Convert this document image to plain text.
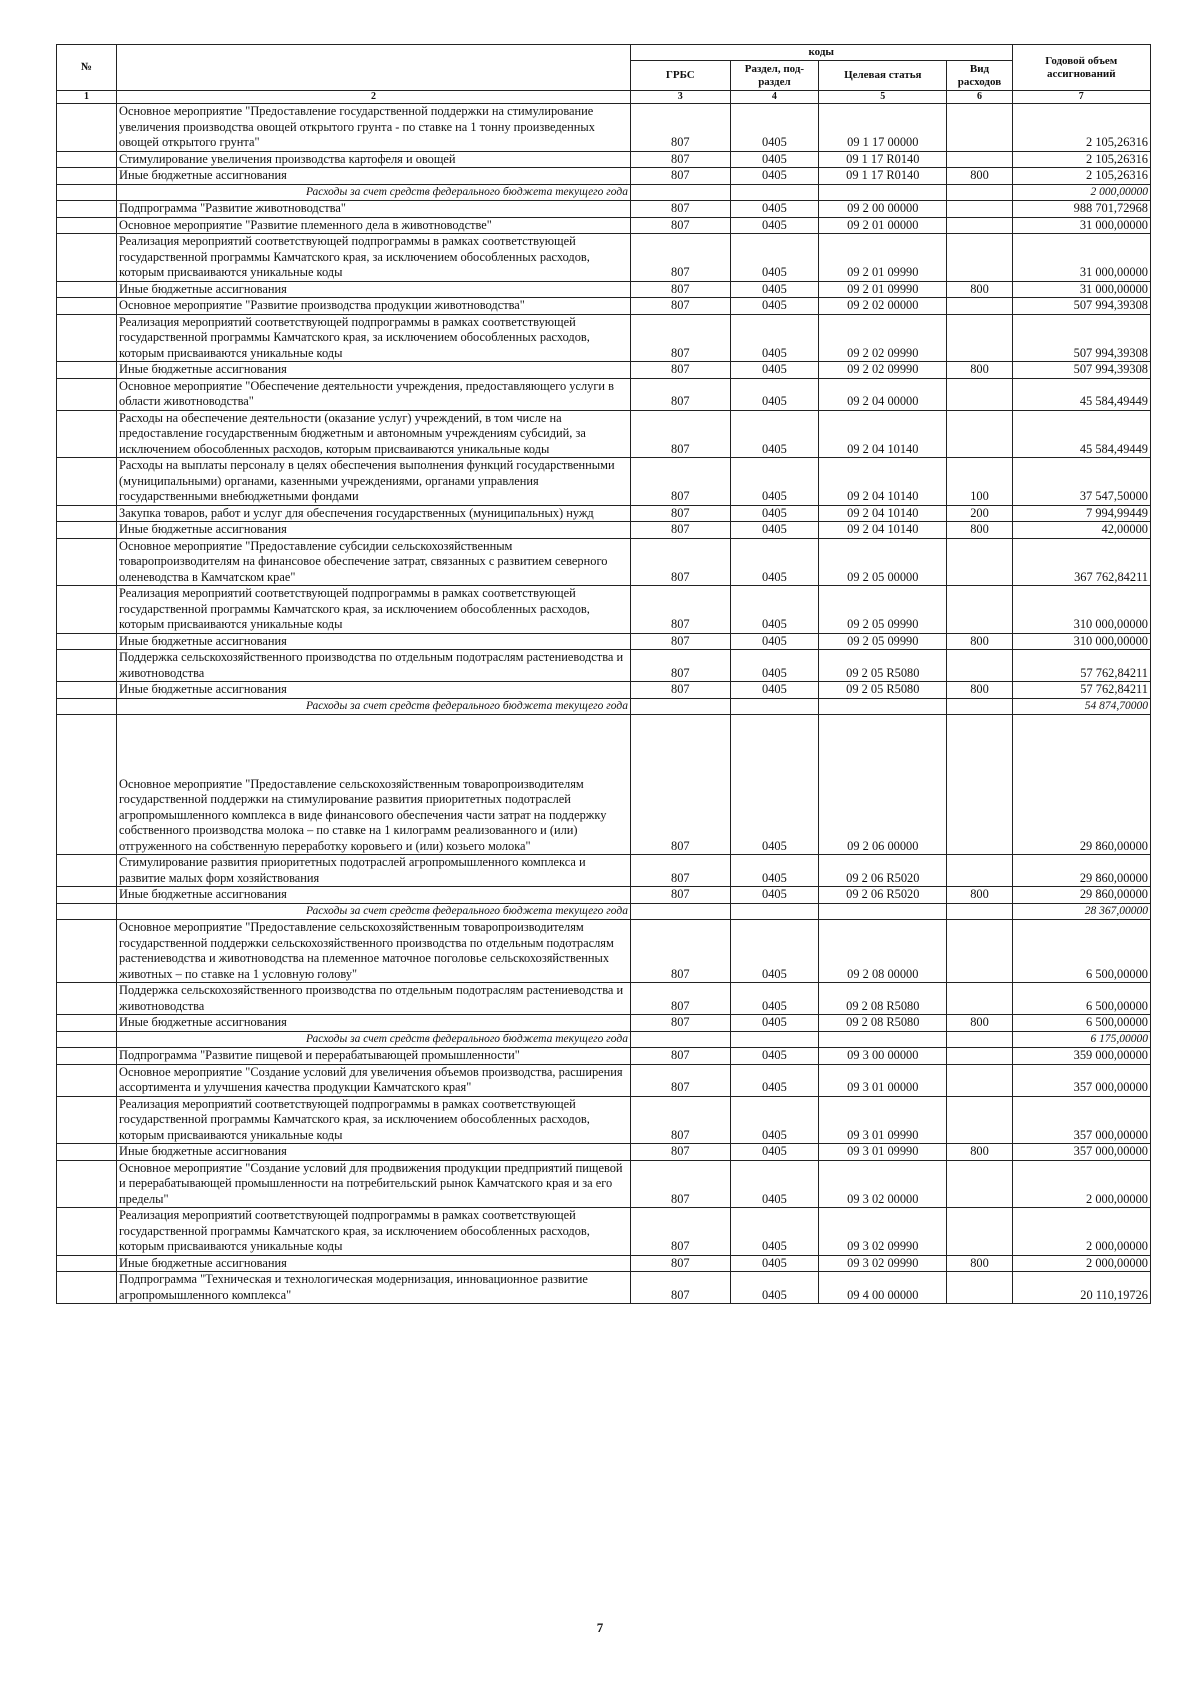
№		коды				Годовой объем ассигнований
		ГРБС	Раздел, под-раздел	Целевая статья	Вид расходов	
1	2	3	4	5	6	7
	Основное мероприятие "Предоставление государственной поддержки на стимулирование увеличения производства овощей открытого грунта - по ставке на 1 тонну произведенных овощей открытого грунта"	807	0405	09 1 17 00000		2 105,26316
	Стимулирование увеличения производства картофеля и овощей	807	0405	09 1 17 R0140		2 105,26316
	Иные бюджетные ассигнования	807	0405	09 1 17 R0140	800	2 105,26316
	Расходы за счет средств федерального бюджета текущего года					2 000,00000
	Подпрограмма "Развитие животноводства"	807	0405	09 2 00 00000		988 701,72968
	Основное мероприятие "Развитие племенного дела в животноводстве"	807	0405	09 2 01 00000		31 000,00000
	Реализация мероприятий соответствующей подпрограммы в рамках соответствующей государственной программы Камчатского края, за исключением обособленных расходов, которым присваиваются уникальные коды	807	0405	09 2 01 09990		31 000,00000
	Иные бюджетные ассигнования	807	0405	09 2 01 09990	800	31 000,00000
	Основное мероприятие "Развитие производства продукции животноводства"	807	0405	09 2 02 00000		507 994,39308
	Реализация мероприятий соответствующей подпрограммы в рамках соответствующей государственной программы Камчатского края, за исключением обособленных расходов, которым присваиваются уникальные коды	807	0405	09 2 02 09990		507 994,39308
	Иные бюджетные ассигнования	807	0405	09 2 02 09990	800	507 994,39308
	Основное мероприятие "Обеспечение деятельности учреждения, предоставляющего услуги в области животноводства"	807	0405	09 2 04 00000		45 584,49449
	Расходы на обеспечение деятельности (оказание услуг) учреждений, в том числе на предоставление государственным бюджетным и автономным учреждениям субсидий, за исключением обособленных расходов, которым присваиваются уникальные коды	807	0405	09 2 04 10140		45 584,49449
	Расходы на выплаты персоналу в целях обеспечения выполнения функций государственными (муниципальными) органами, казенными учреждениями, органами управления государственными внебюджетными фондами	807	0405	09 2 04 10140	100	37 547,50000
	Закупка товаров, работ и услуг для обеспечения государственных (муниципальных) нужд	807	0405	09 2 04 10140	200	7 994,99449
	Иные бюджетные ассигнования	807	0405	09 2 04 10140	800	42,00000
	Основное мероприятие "Предоставление субсидии сельскохозяйственным товаропроизводителям на финансовое обеспечение затрат, связанных с развитием северного оленеводства в Камчатском крае"	807	0405	09 2 05 00000		367 762,84211
	Реализация мероприятий соответствующей подпрограммы в рамках соответствующей государственной программы Камчатского края, за исключением обособленных расходов, которым присваиваются уникальные коды	807	0405	09 2 05 09990		310 000,00000
	Иные бюджетные ассигнования	807	0405	09 2 05 09990	800	310 000,00000
	Поддержка сельскохозяйственного производства по отдельным подотраслям растениеводства и животноводства	807	0405	09 2 05 R5080		57 762,84211
	Иные бюджетные ассигнования	807	0405	09 2 05 R5080	800	57 762,84211
	Расходы за счет средств федерального бюджета текущего года					54 874,70000
	Основное мероприятие "Предоставление сельскохозяйственным товаропроизводителям государственной поддержки на стимулирование развития приоритетных подотраслей агропромышленного комплекса в виде финансового обеспечения части затрат на поддержку собственного производства молока – по ставке на 1 килограмм реализованного и (или) отгруженного на собственную переработку коровьего и (или) козьего молока"	807	0405	09 2 06 00000		29 860,00000
	Стимулирование развития приоритетных подотраслей агропромышленного комплекса и развитие малых форм хозяйствования	807	0405	09 2 06 R5020		29 860,00000
	Иные бюджетные ассигнования	807	0405	09 2 06 R5020	800	29 860,00000
	Расходы за счет средств федерального бюджета текущего года					28 367,00000
	Основное мероприятие "Предоставление сельскохозяйственным товаропроизводителям государственной поддержки сельскохозяйственного производства по отдельным подотраслям растениеводства и животноводства на племенное маточное поголовье сельскохозяйственных животных – по ставке на 1 условную голову"	807	0405	09 2 08 00000		6 500,00000
	Поддержка сельскохозяйственного производства по отдельным подотраслям растениеводства и животноводства	807	0405	09 2 08 R5080		6 500,00000
	Иные бюджетные ассигнования	807	0405	09 2 08 R5080	800	6 500,00000
	Расходы за счет средств федерального бюджета текущего года					6 175,00000
	Подпрограмма "Развитие пищевой и перерабатывающей промышленности"	807	0405	09 3 00 00000		359 000,00000
	Основное мероприятие "Создание условий для увеличения объемов производства, расширения ассортимента и улучшения качества продукции Камчатского края"	807	0405	09 3 01 00000		357 000,00000
	Реализация мероприятий соответствующей подпрограммы в рамках соответствующей государственной программы Камчатского края, за исключением обособленных расходов, которым присваиваются уникальные коды	807	0405	09 3 01 09990		357 000,00000
	Иные бюджетные ассигнования	807	0405	09 3 01 09990	800	357 000,00000
	Основное мероприятие "Создание условий для продвижения продукции предприятий пищевой и перерабатывающей промышленности на потребительский рынок Камчатского края и за его пределы"	807	0405	09 3 02 00000		2 000,00000
	Реализация мероприятий соответствующей подпрограммы в рамках соответствующей государственной программы Камчатского края, за исключением обособленных расходов, которым присваиваются уникальные коды	807	0405	09 3 02 09990		2 000,00000
	Иные бюджетные ассигнования	807	0405	09 3 02 09990	800	2 000,00000
	Подпрограмма "Техническая и технологическая модернизация, инновационное развитие агропромышленного комплекса"	807	0405	09 4 00 00000		20 110,19726
7
